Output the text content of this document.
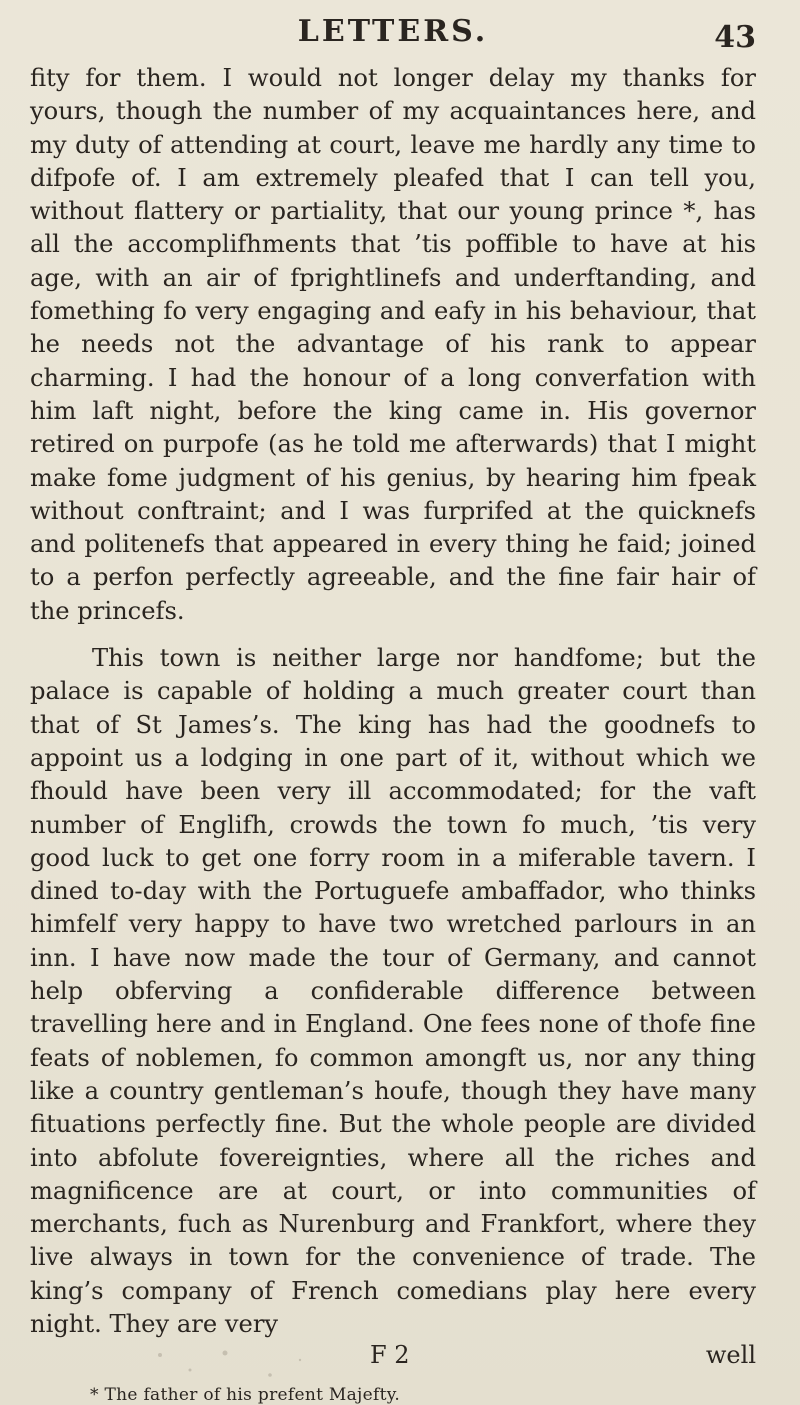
LETTERS.	43

fity for them. I would not longer delay my thanks for yours, though the number of my acquaintances here, and my duty of attending at court, leave me hardly any time to difpofe of. I am extremely pleafed that I can tell you, without flattery or partiality, that our young prince *, has all the accomplifhments that ’tis poffible to have at his age, with an air of fprightlinefs and underftanding, and fomething fo very engaging and eafy in his behaviour, that he needs not the advantage of his rank to appear charming. I had the honour of a long converfation with him laft night, before the king came in. His governor retired on purpofe (as he told me afterwards) that I might make fome judgment of his genius, by hearing him fpeak without conftraint; and I was furprifed at the quicknefs and politenefs that appeared in every thing he faid; joined to a perfon perfectly agreeable, and the fine fair hair of the princefs.

This town is neither large nor handfome; but the palace is capable of holding a much greater court than that of St James’s. The king has had the goodnefs to appoint us a lodging in one part of it, without which we fhould have been very ill accommodated; for the vaft number of Englifh, crowds the town fo much, ’tis very good luck to get one forry room in a miferable tavern. I dined to-day with the Portuguefe ambaffador, who thinks himfelf very happy to have two wretched parlours in an inn. I have now made the tour of Germany, and cannot help obferving a confiderable difference between travelling here and in England. One fees none of thofe fine feats of noblemen, fo common amongft us, nor any thing like a country gentleman’s houfe, though they have many fituations perfectly fine. But the whole people are divided into abfolute fovereignties, where all the riches and magnificence are at court, or into communities of merchants, fuch as Nurenburg and Frankfort, where they live always in town for the convenience of trade. The king’s company of French comedians play here every night. They are very

F 2	well
* The father of his prefent Majefty.
